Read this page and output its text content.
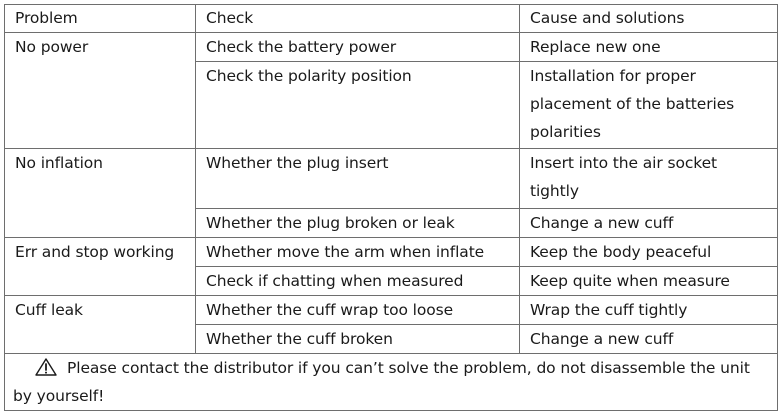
Problem	Check	Cause and solutions
No power	Check the battery power	Replace new one
	Check the polarity position	Installation for proper placement of the batteries polarities
No inflation	Whether the plug insert	Insert into the air socket tightly
	Whether the plug broken or leak	Change a new cuff
Err and stop working	Whether move the arm when inflate	Keep the body peaceful
	Check if chatting when measured	Keep quite when measure
Cuff leak	Whether the cuff wrap too loose	Wrap the cuff tightly
	Whether the cuff broken	Change a new cuff

Please contact the distributor if you can’t solve the problem, do not disassemble the unit by yourself!		
